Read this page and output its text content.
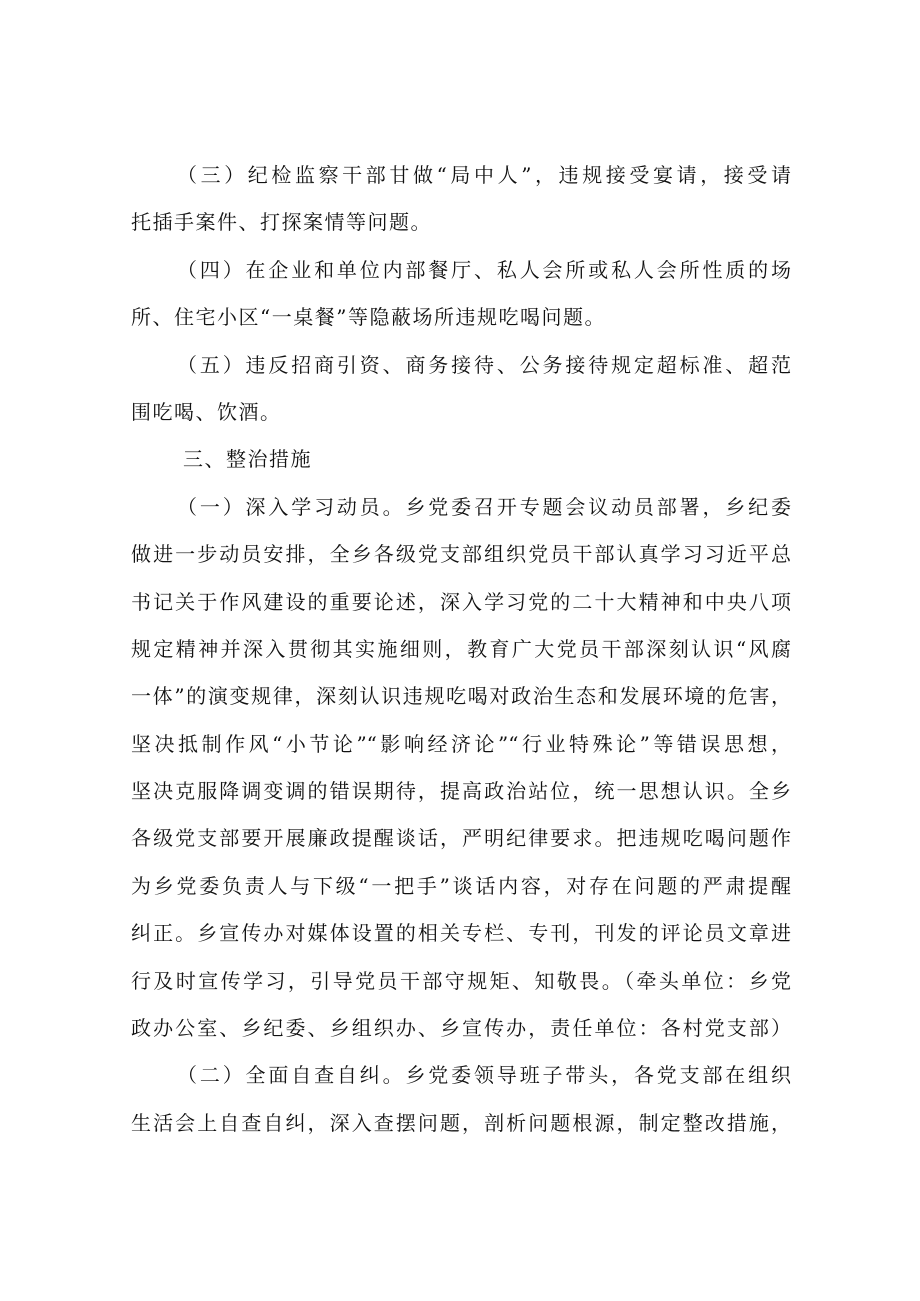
（三）纪检监察干部甘做“局中人”，违规接受宴请，接受请
托插手案件、打探案情等问题。
（四）在企业和单位内部餐厅、私人会所或私人会所性质的场
所、住宅小区“一桌餐”等隐蔽场所违规吃喝问题。
（五）违反招商引资、商务接待、公务接待规定超标准、超范
围吃喝、饮酒。
三、整治措施
（一）深入学习动员。乡党委召开专题会议动员部署，乡纪委
做进一步动员安排，全乡各级党支部组织党员干部认真学习习近平总
书记关于作风建设的重要论述，深入学习党的二十大精神和中央八项
规定精神并深入贯彻其实施细则，教育广大党员干部深刻认识“风腐
一体”的演变规律，深刻认识违规吃喝对政治生态和发展环境的危害，
坚决抵制作风“小节论”“影响经济论”“行业特殊论”等错误思想，
坚决克服降调变调的错误期待，提高政治站位，统一思想认识。全乡
各级党支部要开展廉政提醒谈话，严明纪律要求。把违规吃喝问题作
为乡党委负责人与下级“一把手”谈话内容，对存在问题的严肃提醒
纠正。乡宣传办对媒体设置的相关专栏、专刊，刊发的评论员文章进
行及时宣传学习，引导党员干部守规矩、知敬畏。（牵头单位：乡党
政办公室、乡纪委、乡组织办、乡宣传办，责任单位：各村党支部）
（二）全面自查自纠。乡党委领导班子带头，各党支部在组织
生活会上自查自纠，深入查摆问题，剖析问题根源，制定整改措施，
